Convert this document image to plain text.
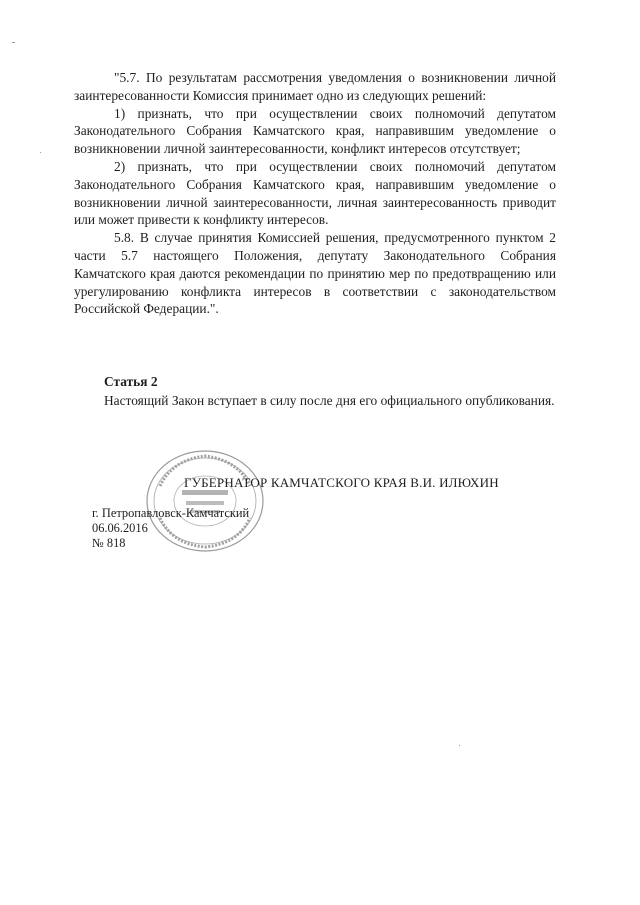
"5.7. По результатам рассмотрения уведомления о возникновении личной заинтересованности Комиссия принимает одно из следующих решений:

1) признать, что при осуществлении своих полномочий депутатом Законодательного Собрания Камчатского края, направившим уведомление о возникновении личной заинтересованности, конфликт интересов отсутствует;

2) признать, что при осуществлении своих полномочий депутатом Законодательного Собрания Камчатского края, направившим уведомление о возникновении личной заинтересованности, личная заинтересованность приводит или может привести к конфликту интересов.

5.8. В случае принятия Комиссией решения, предусмотренного пунктом 2 части 5.7 настоящего Положения, депутату Законодательного Собрания Камчатского края даются рекомендации по принятию мер по предотвращению или урегулированию конфликта интересов в соответствии с законодательством Российской Федерации.".

Статья 2

Настоящий Закон вступает в силу после дня его официального опубликования.

ГУБЕРНАТОР КАМЧАТСКОГО КРАЯ В.И. ИЛЮХИН
г. Петропавловск-Камчатский
06.06.2016
№ 818
